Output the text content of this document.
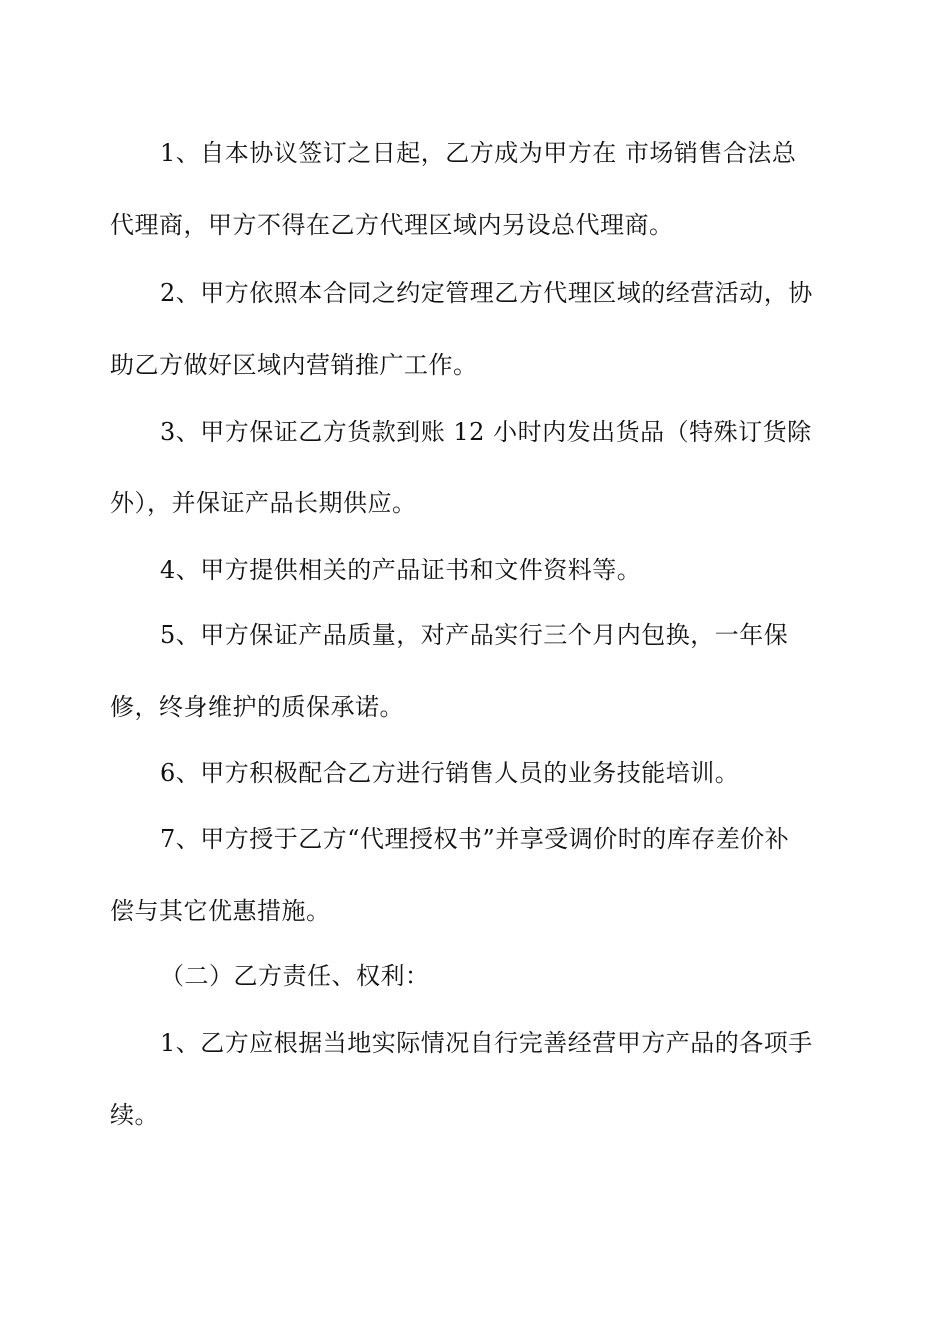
1、自本协议签订之日起，乙方成为甲方在 市场销售合法总
代理商，甲方不得在乙方代理区域内另设总代理商。
2、甲方依照本合同之约定管理乙方代理区域的经营活动，协
助乙方做好区域内营销推广工作。
3、甲方保证乙方货款到账 12 小时内发出货品（特殊订货除
外），并保证产品长期供应。
4、甲方提供相关的产品证书和文件资料等。
5、甲方保证产品质量，对产品实行三个月内包换，一年保
修，终身维护的质保承诺。
6、甲方积极配合乙方进行销售人员的业务技能培训。
7、甲方授于乙方“代理授权书”并享受调价时的库存差价补
偿与其它优惠措施。
（二）乙方责任、权利：
1、乙方应根据当地实际情况自行完善经营甲方产品的各项手
续。
